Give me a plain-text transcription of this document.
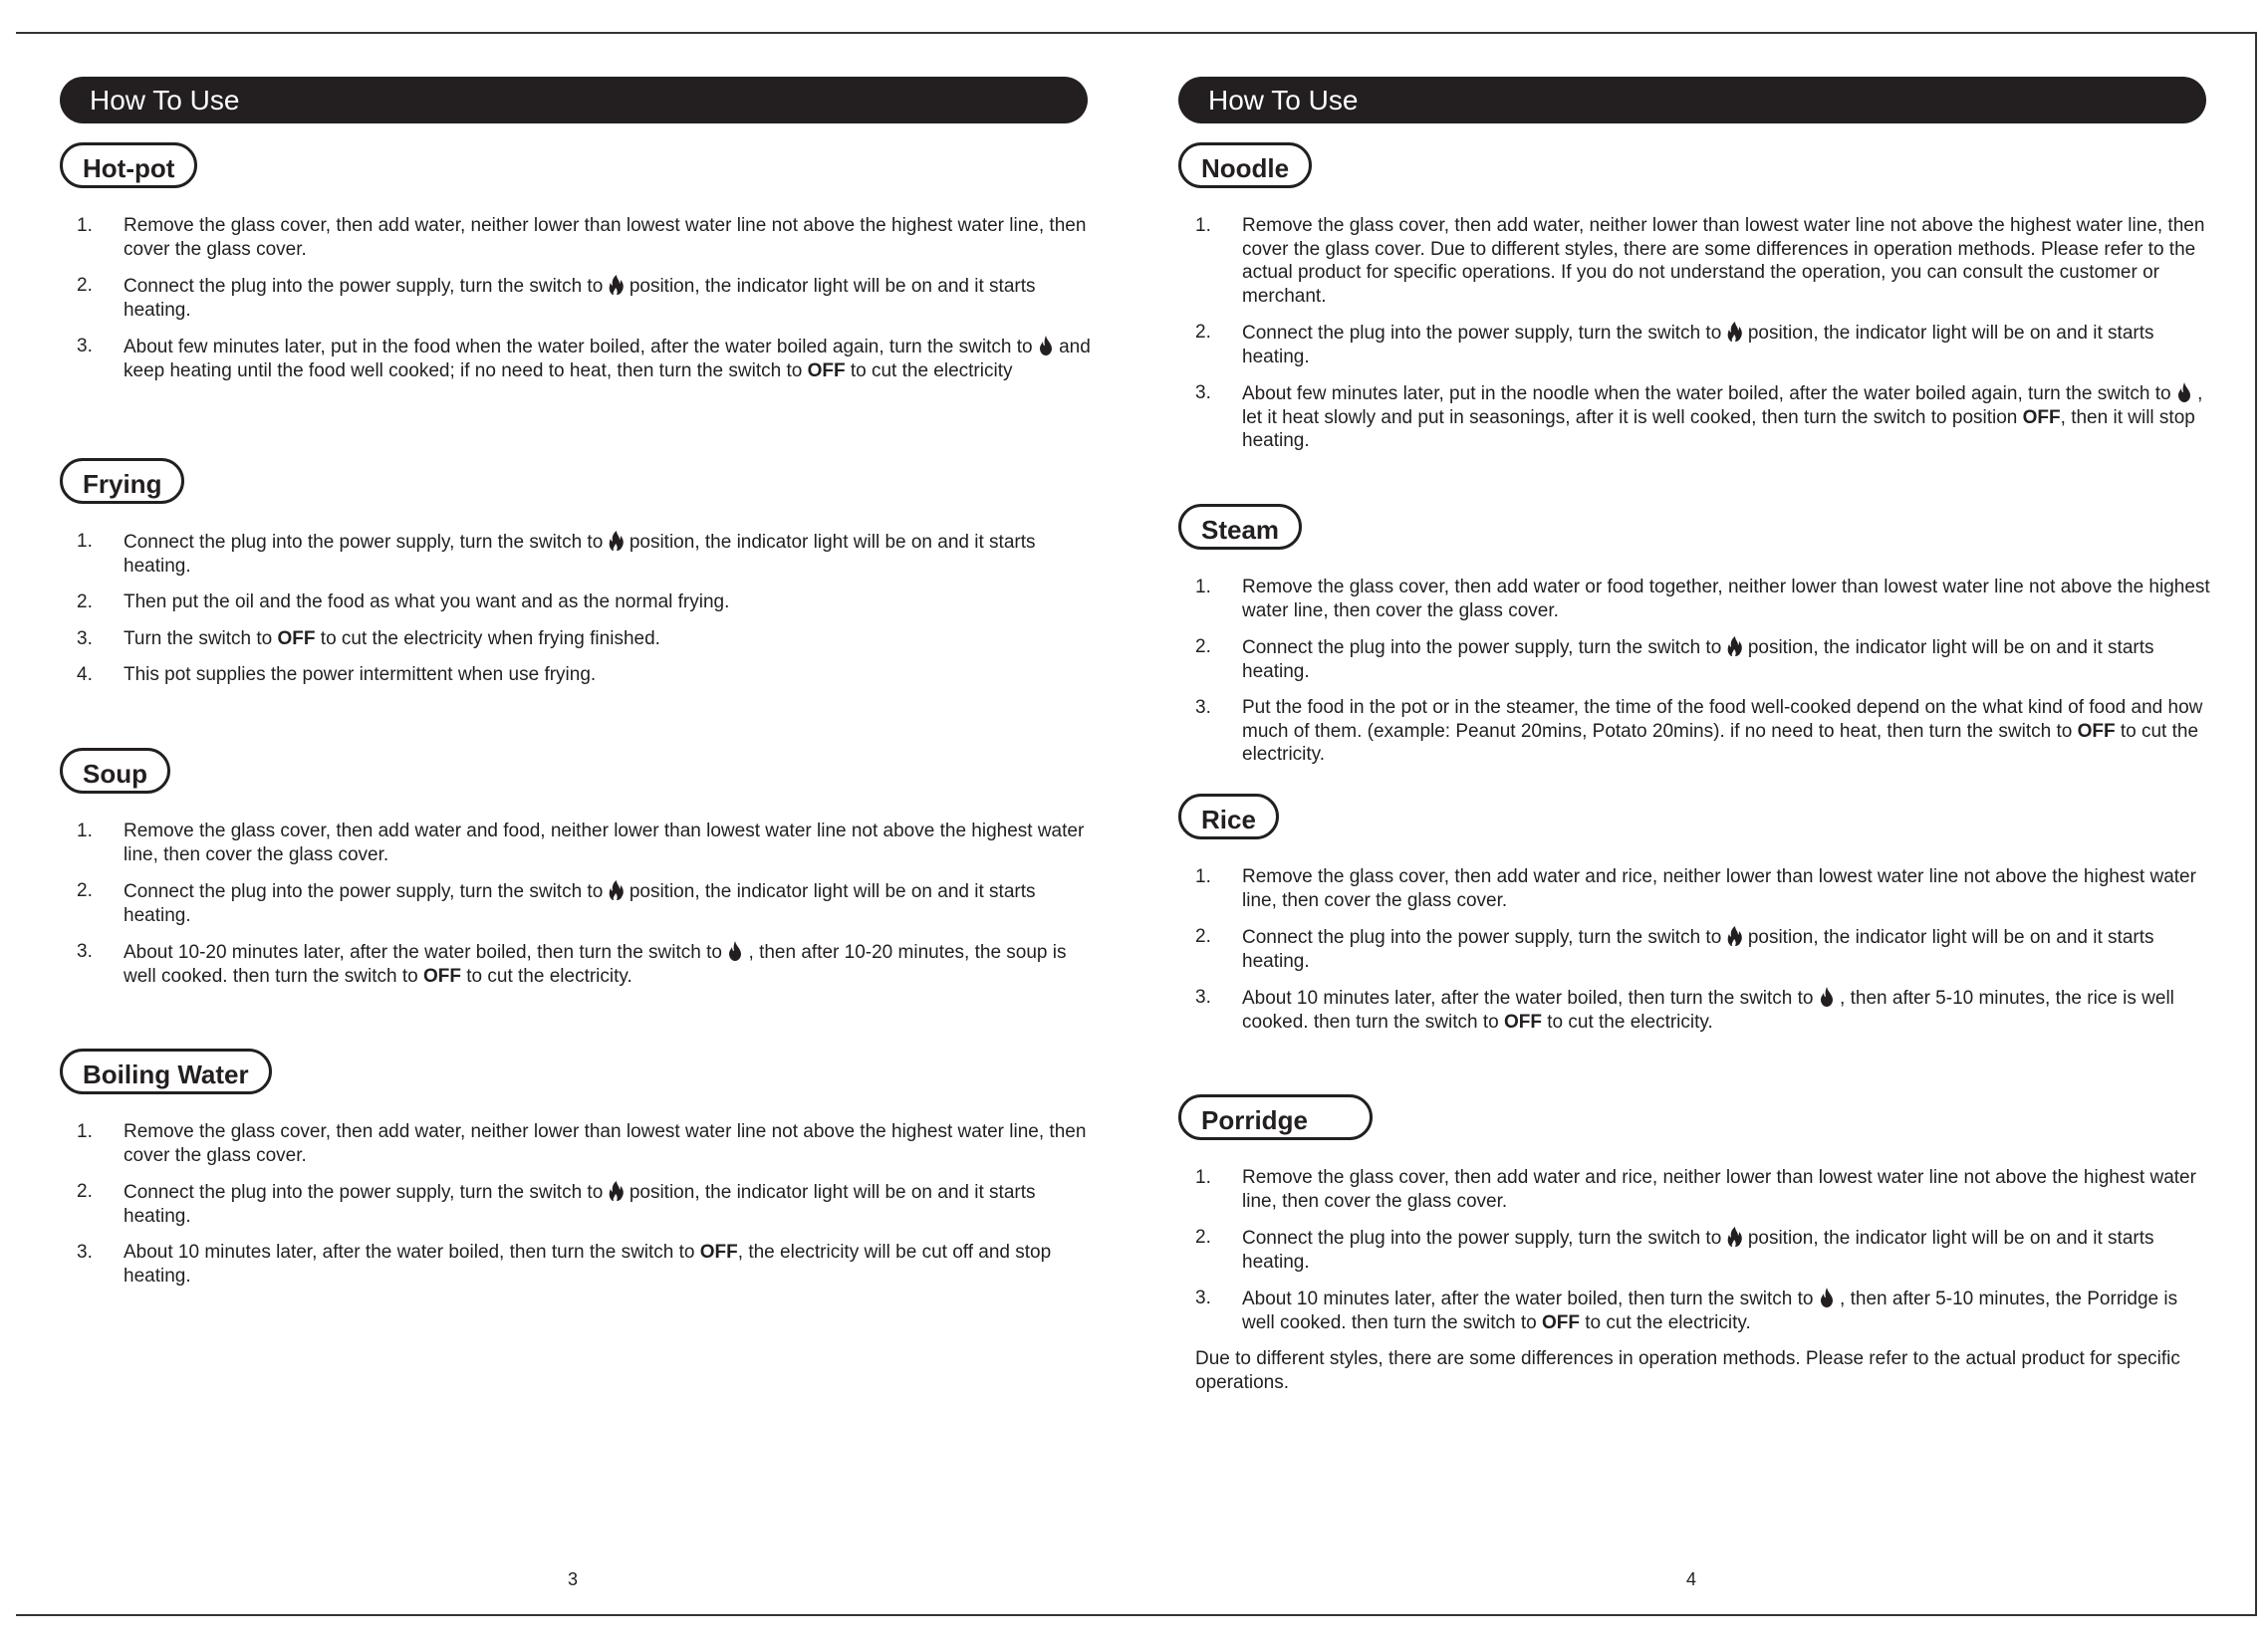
How To Use
Hot-pot
1. Remove the glass cover, then add water, neither lower than lowest water line not above the highest water line, then cover the glass cover.
2. Connect the plug into the power supply, turn the switch to  position, the indicator light will be on and it starts heating.
3. About few minutes later, put in the food when the water boiled, after the water boiled again, turn the switch to  and keep heating until the food well cooked; if no need to heat, then turn the switch to OFF to cut the electricity
Frying
1. Connect the plug into the power supply, turn the switch to  position, the indicator light will be on and it starts heating.
2. Then put the oil and the food as what you want and as the normal frying.
3. Turn the switch to OFF to cut the electricity when frying finished.
4. This pot supplies the power intermittent when use frying.
Soup
1. Remove the glass cover, then add water and food, neither lower than lowest water line not above the highest water line, then cover the glass cover.
2. Connect the plug into the power supply, turn the switch to  position, the indicator light will be on and it starts heating.
3. About 10-20 minutes later, after the water boiled, then turn the switch to  , then after 10-20 minutes, the soup is well cooked. then turn the switch to OFF to cut the electricity.
Boiling Water
1. Remove the glass cover, then add water, neither lower than lowest water line not above the highest water line, then cover the glass cover.
2. Connect the plug into the power supply, turn the switch to  position, the indicator light will be on and it starts heating.
3. About 10 minutes later, after the water boiled, then turn the switch to OFF, the electricity will be cut off and stop heating.
3
How To Use
Noodle
1. Remove the glass cover, then add water, neither lower than lowest water line not above the highest water line, then cover the glass cover. Due to different styles, there are some differences in operation methods. Please refer to the actual product for specific operations. If you do not understand the operation, you can consult the customer or merchant.
2. Connect the plug into the power supply, turn the switch to  position, the indicator light will be on and it starts heating.
3. About few minutes later, put in the noodle when the water boiled, after the water boiled again, turn the switch to  , let it heat slowly and put in seasonings, after it is well cooked, then turn the switch to position OFF, then it will stop heating.
Steam
1. Remove the glass cover, then add water or food together, neither lower than lowest water line not above the highest water line, then cover the glass cover.
2. Connect the plug into the power supply, turn the switch to  position, the indicator light will be on and it starts heating.
3. Put the food in the pot or in the steamer, the time of the food well-cooked depend on the what kind of food and how much of them. (example: Peanut 20mins, Potato 20mins). if no need to heat, then turn the switch to OFF to cut the electricity.
Rice
1. Remove the glass cover, then add water and rice, neither lower than lowest water line not above the highest water line, then cover the glass cover.
2. Connect the plug into the power supply, turn the switch to  position, the indicator light will be on and it starts heating.
3. About 10 minutes later, after the water boiled, then turn the switch to  , then after 5-10 minutes, the rice is well cooked. then turn the switch to OFF to cut the electricity.
Porridge
1. Remove the glass cover, then add water and rice, neither lower than lowest water line not above the highest water line, then cover the glass cover.
2. Connect the plug into the power supply, turn the switch to  position, the indicator light will be on and it starts heating.
3. About 10 minutes later, after the water boiled, then turn the switch to  , then after 5-10 minutes, the Porridge is well cooked. then turn the switch to OFF to cut the electricity.
Due to different styles, there are some differences in operation methods. Please refer to the actual product for specific operations.
4
